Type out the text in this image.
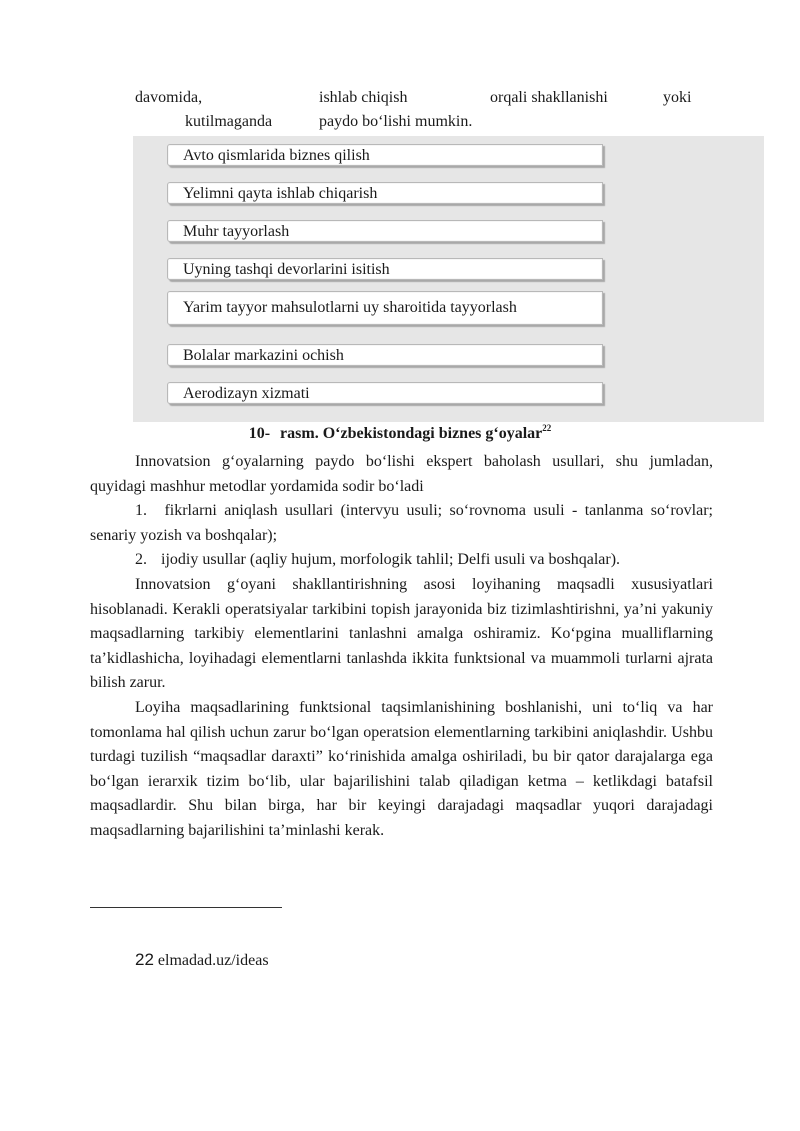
davomida,	ishlab chiqish	orqali shakllanishi	yoki
kutilmaganda	paydo bo‘lishi mumkin.
Avto qismlarida biznes qilish
Yelimni qayta ishlab chiqarish
Muhr tayyorlash
Uyning tashqi devorlarini isitish
Yarim tayyor mahsulotlarni uy sharoitida tayyorlash
Bolalar markazini ochish
Aerodizayn xizmati
10- rasm. O‘zbekistondagi biznes g‘oyalar$^{22}$

Innovatsion g‘oyalarning paydo bo‘lishi ekspert baholash usullari, shu jumladan, quyidagi mashhur metodlar yordamida sodir bo‘ladi

1. fikrlarni aniqlash usullari (intervyu usuli; so‘rovnoma usuli - tanlanma so‘rovlar; senariy yozish va boshqalar);

2. ijodiy usullar (aqliy hujum, morfologik tahlil; Delfi usuli va boshqalar).

Innovatsion g‘oyani shakllantirishning asosi loyihaning maqsadli xususiyatlari hisoblanadi. Kerakli operatsiyalar tarkibini topish jarayonida biz tizimlashtirishni, ya’ni yakuniy maqsadlarning tarkibiy elementlarini tanlashni amalga oshiramiz. Ko‘pgina mualliflarning ta’kidlashicha, loyihadagi elementlarni tanlashda ikkita funktsional va muammoli turlarni ajrata bilish zarur.

Loyiha maqsadlarining funktsional taqsimlanishining boshlanishi, uni to‘liq va har tomonlama hal qilish uchun zarur bo‘lgan operatsion elementlarning tarkibini aniqlashdir. Ushbu turdagi tuzilish “maqsadlar daraxti” ko‘rinishida amalga oshiriladi, bu bir qator darajalarga ega bo‘lgan ierarxik tizim bo‘lib, ular bajarilishini talab qiladigan ketma – ketlikdagi batafsil maqsadlardir. Shu bilan birga, har bir keyingi darajadagi maqsadlar yuqori darajadagi maqsadlarning bajarilishini ta’minlashi kerak.

22 elmadad.uz/ideas
